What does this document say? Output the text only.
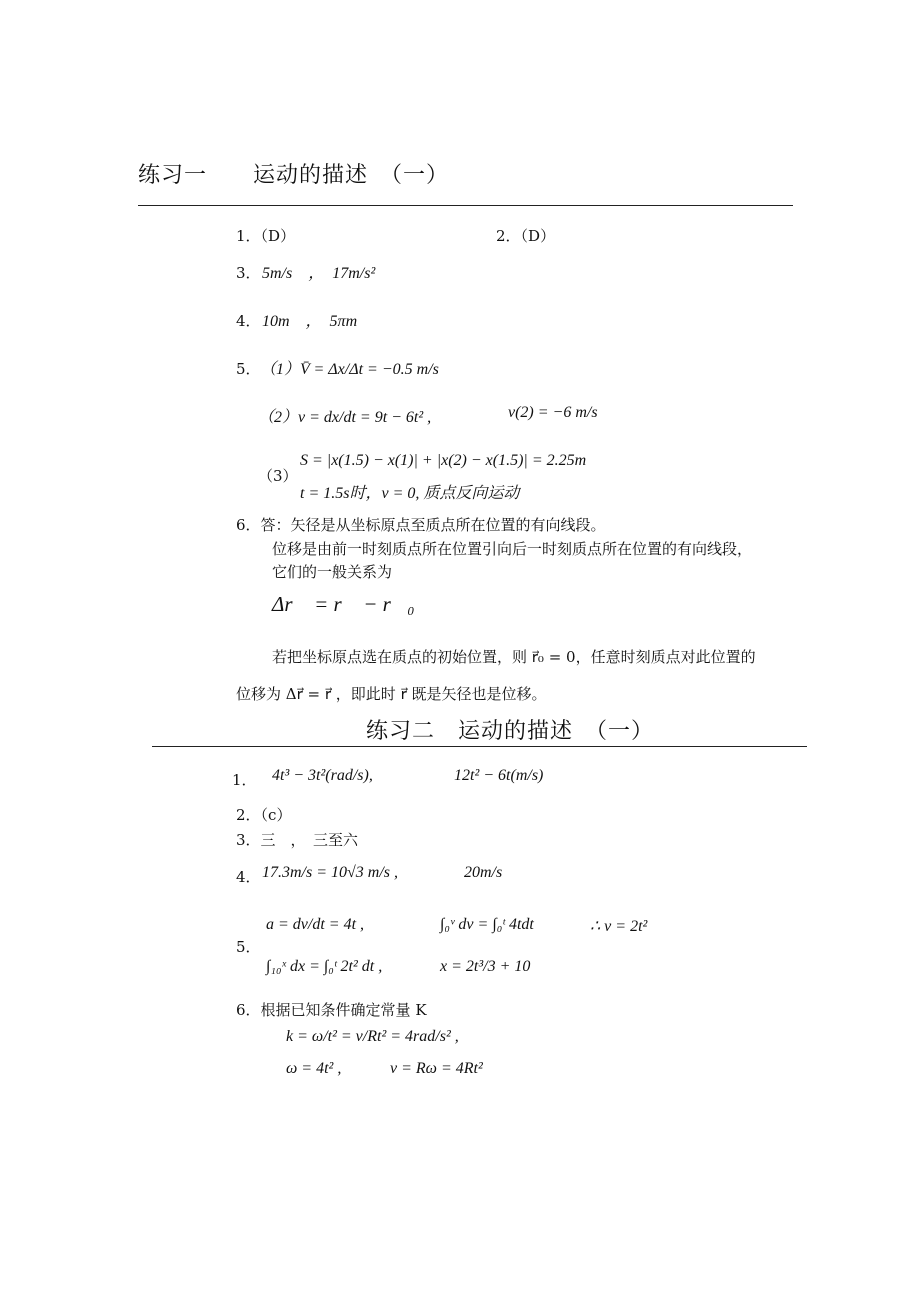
练习一　　运动的描述　（一）
1．（D）	2．（D）
3． 5m/s　，　17m/s²
4． 10m　，　5πm
5． （1）V̄ = Δx/Δt = −0.5 m/s
（2）v = dx/dt = 9t − 6t² ,	v(2) = −6 m/s
（3）
S = |x(1.5) − x(1)| + |x(2) − x(1.5)| = 2.25m
t = 1.5s时，v = 0, 质点反向运动
6．答：矢径是从坐标原点至质点所在位置的有向线段。
位移是由前一时刻质点所在位置引向后一时刻质点所在位置的有向线段，
它们的一般关系为
Δr⃗ = r⃗ − r⃗₀
若把坐标原点选在质点的初始位置，则 r⃗₀ = 0，任意时刻质点对此位置的
位移为 Δr⃗ = r⃗ ，即此时 r⃗ 既是矢径也是位移。
练习二　运动的描述　（一）
1． 4t³ − 3t²(rad/s),	12t² − 6t(m/s)
2．（c）
3．三　，　三至六
4． 17.3m/s = 10√3 m/s ,	20m/s
5．
a = dv/dt = 4t ,	∫₀ᵛ dv = ∫₀ᵗ 4tdt	∴ v = 2t²
∫₁₀ˣ dx = ∫₀ᵗ 2t² dt ,	x = 2t³/3 + 10
6．根据已知条件确定常量 K
k = ω/t² = v/Rt² = 4rad/s² ,
ω = 4t² ,	v = Rω = 4Rt²
